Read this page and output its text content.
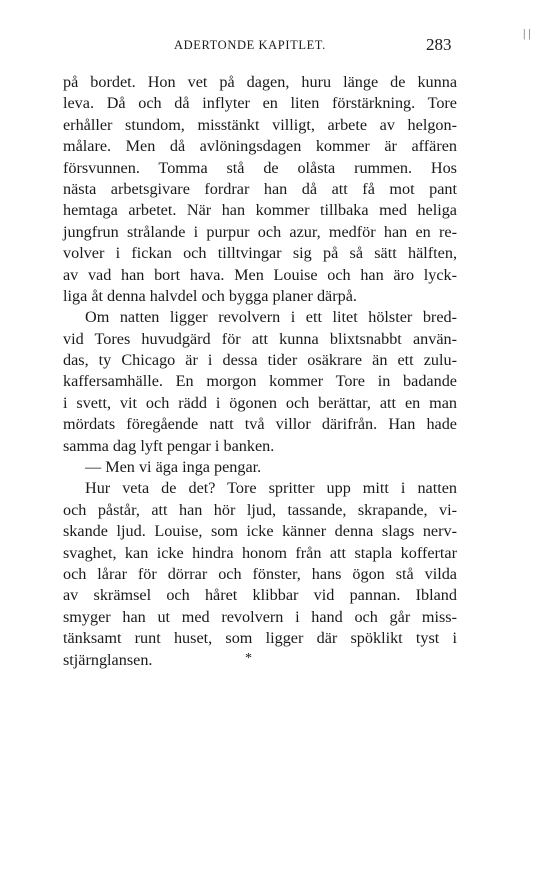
ADERTONDE KAPITLET.	283
| |
på bordet. Hon vet på dagen, huru länge de kunna
leva. Då och då inflyter en liten förstärkning. Tore
erhåller stundom, misstänkt villigt, arbete av helgon-
målare. Men då avlöningsdagen kommer är affären
försvunnen. Tomma stå de olåsta rummen. Hos
nästa arbetsgivare fordrar han då att få mot pant
hemtaga arbetet. När han kommer tillbaka med heliga
jungfrun strålande i purpur och azur, medför han en re-
volver i fickan och tilltvingar sig på så sätt hälften,
av vad han bort hava. Men Louise och han äro lyck-
liga åt denna halvdel och bygga planer därpå.
Om natten ligger revolvern i ett litet hölster bred-
vid Tores huvudgärd för att kunna blixtsnabbt använ-
das, ty Chicago är i dessa tider osäkrare än ett zulu-
kaffersamhälle. En morgon kommer Tore in badande
i svett, vit och rädd i ögonen och berättar, att en man
mördats föregående natt två villor därifrån. Han hade
samma dag lyft pengar i banken.
— Men vi äga inga pengar.
Hur veta de det? Tore spritter upp mitt i natten
och påstår, att han hör ljud, tassande, skrapande, vi-
skande ljud. Louise, som icke känner denna slags nerv-
svaghet, kan icke hindra honom från att stapla koffertar
och lårar för dörrar och fönster, hans ögon stå vilda
av skrämsel och håret klibbar vid pannan. Ibland
smyger han ut med revolvern i hand och går miss-
tänksamt runt huset, som ligger där spöklikt tyst i
stjärnglansen.	*
